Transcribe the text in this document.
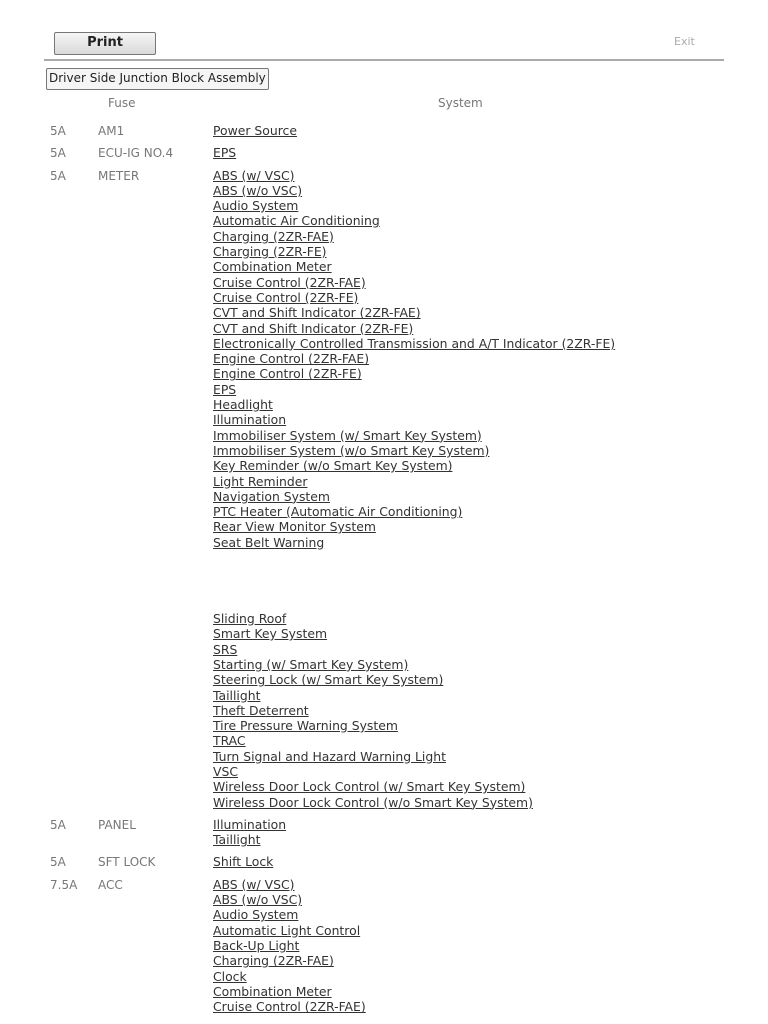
Print	Exit
Driver Side Junction Block Assembly
Fuse	System
5A	AM1	Power Source
5A	ECU-IG NO.4	EPS
5A	METER	ABS (w/ VSC)
ABS (w/o VSC)
Audio System
Automatic Air Conditioning
Charging (2ZR-FAE)
Charging (2ZR-FE)
Combination Meter
Cruise Control (2ZR-FAE)
Cruise Control (2ZR-FE)
CVT and Shift Indicator (2ZR-FAE)
CVT and Shift Indicator (2ZR-FE)
Electronically Controlled Transmission and A/T Indicator (2ZR-FE)
Engine Control (2ZR-FAE)
Engine Control (2ZR-FE)
EPS
Headlight
Illumination
Immobiliser System (w/ Smart Key System)
Immobiliser System (w/o Smart Key System)
Key Reminder (w/o Smart Key System)
Light Reminder
Navigation System
PTC Heater (Automatic Air Conditioning)
Rear View Monitor System
Seat Belt Warning
Sliding Roof
Smart Key System
SRS
Starting (w/ Smart Key System)
Steering Lock (w/ Smart Key System)
Taillight
Theft Deterrent
Tire Pressure Warning System
TRAC
Turn Signal and Hazard Warning Light
VSC
Wireless Door Lock Control (w/ Smart Key System)
Wireless Door Lock Control (w/o Smart Key System)
5A	PANEL	Illumination
Taillight
5A	SFT LOCK	Shift Lock
7.5A ACC	ABS (w/ VSC)
ABS (w/o VSC)
Audio System
Automatic Light Control
Back-Up Light
Charging (2ZR-FAE)
Clock
Combination Meter
Cruise Control (2ZR-FAE)
